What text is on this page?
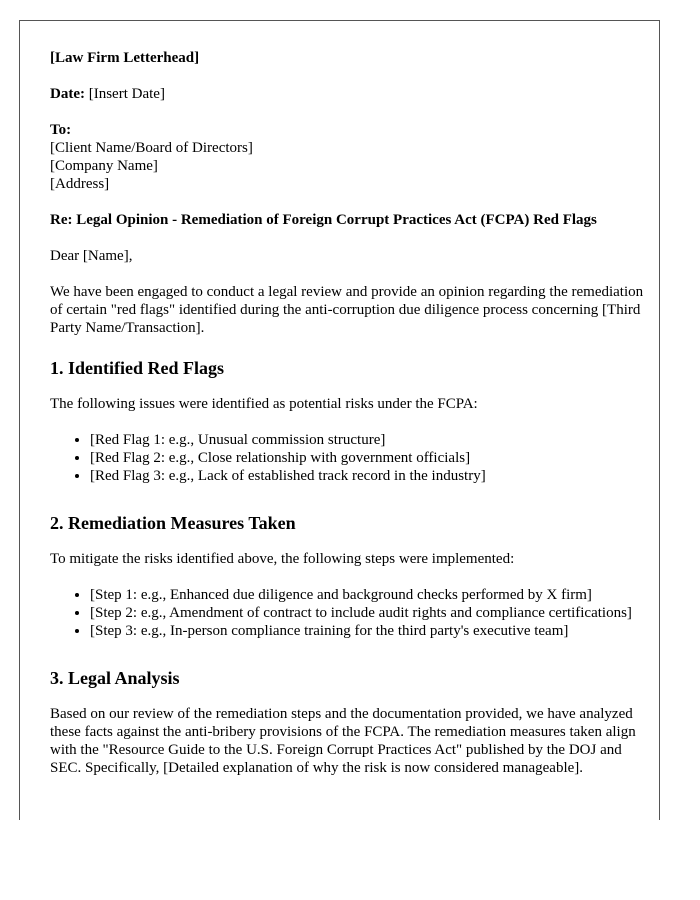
[Law Firm Letterhead]

Date: [Insert Date]

To:
[Client Name/Board of Directors]
[Company Name]
[Address]

Re: Legal Opinion - Remediation of Foreign Corrupt Practices Act (FCPA) Red Flags

Dear [Name],

We have been engaged to conduct a legal review and provide an opinion regarding the remediation of certain "red flags" identified during the anti-corruption due diligence process concerning [Third Party Name/Transaction].

1. Identified Red Flags

The following issues were identified as potential risks under the FCPA:

• [Red Flag 1: e.g., Unusual commission structure]
• [Red Flag 2: e.g., Close relationship with government officials]
• [Red Flag 3: e.g., Lack of established track record in the industry]
2. Remediation Measures Taken

To mitigate the risks identified above, the following steps were implemented:

• [Step 1: e.g., Enhanced due diligence and background checks performed by X firm]
• [Step 2: e.g., Amendment of contract to include audit rights and compliance certifications]
• [Step 3: e.g., In-person compliance training for the third party's executive team]
3. Legal Analysis

Based on our review of the remediation steps and the documentation provided, we have analyzed these facts against the anti-bribery provisions of the FCPA. The remediation measures taken align with the "Resource Guide to the U.S. Foreign Corrupt Practices Act" published by the DOJ and SEC. Specifically, [Detailed explanation of why the risk is now considered manageable].
